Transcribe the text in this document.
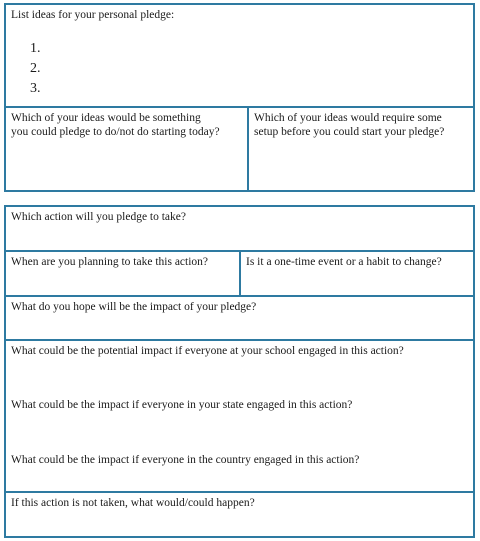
List ideas for your personal pledge:
1.
2.
3.
Which of your ideas would be something
you could pledge to do/not do starting today?
Which of your ideas would require some
setup before you could start your pledge?
Which action will you pledge to take?
When are you planning to take this action?	Is it a one-time event or a habit to change?
What do you hope will be the impact of your pledge?
What could be the potential impact if everyone at your school engaged in this action?
What could be the impact if everyone in your state engaged in this action?
What could be the impact if everyone in the country engaged in this action?
If this action is not taken, what would/could happen?
